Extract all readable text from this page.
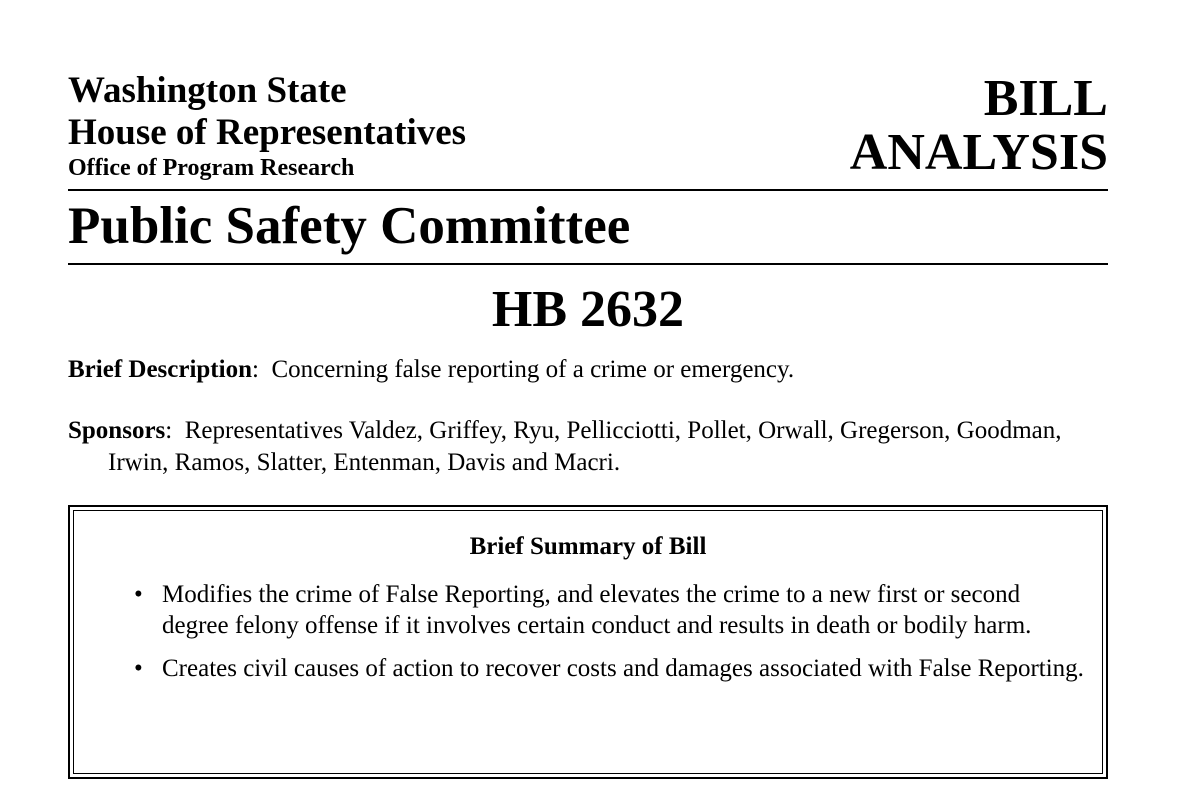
Washington State
House of Representatives
Office of Program Research
BILL
ANALYSIS
Public Safety Committee
HB 2632
Brief Description:  Concerning false reporting of a crime or emergency.
Sponsors:  Representatives Valdez, Griffey, Ryu, Pellicciotti, Pollet, Orwall, Gregerson, Goodman, Irwin, Ramos, Slatter, Entenman, Davis and Macri.
Brief Summary of Bill
• Modifies the crime of False Reporting, and elevates the crime to a new first or second degree felony offense if it involves certain conduct and results in death or bodily harm.
• Creates civil causes of action to recover costs and damages associated with False Reporting.
